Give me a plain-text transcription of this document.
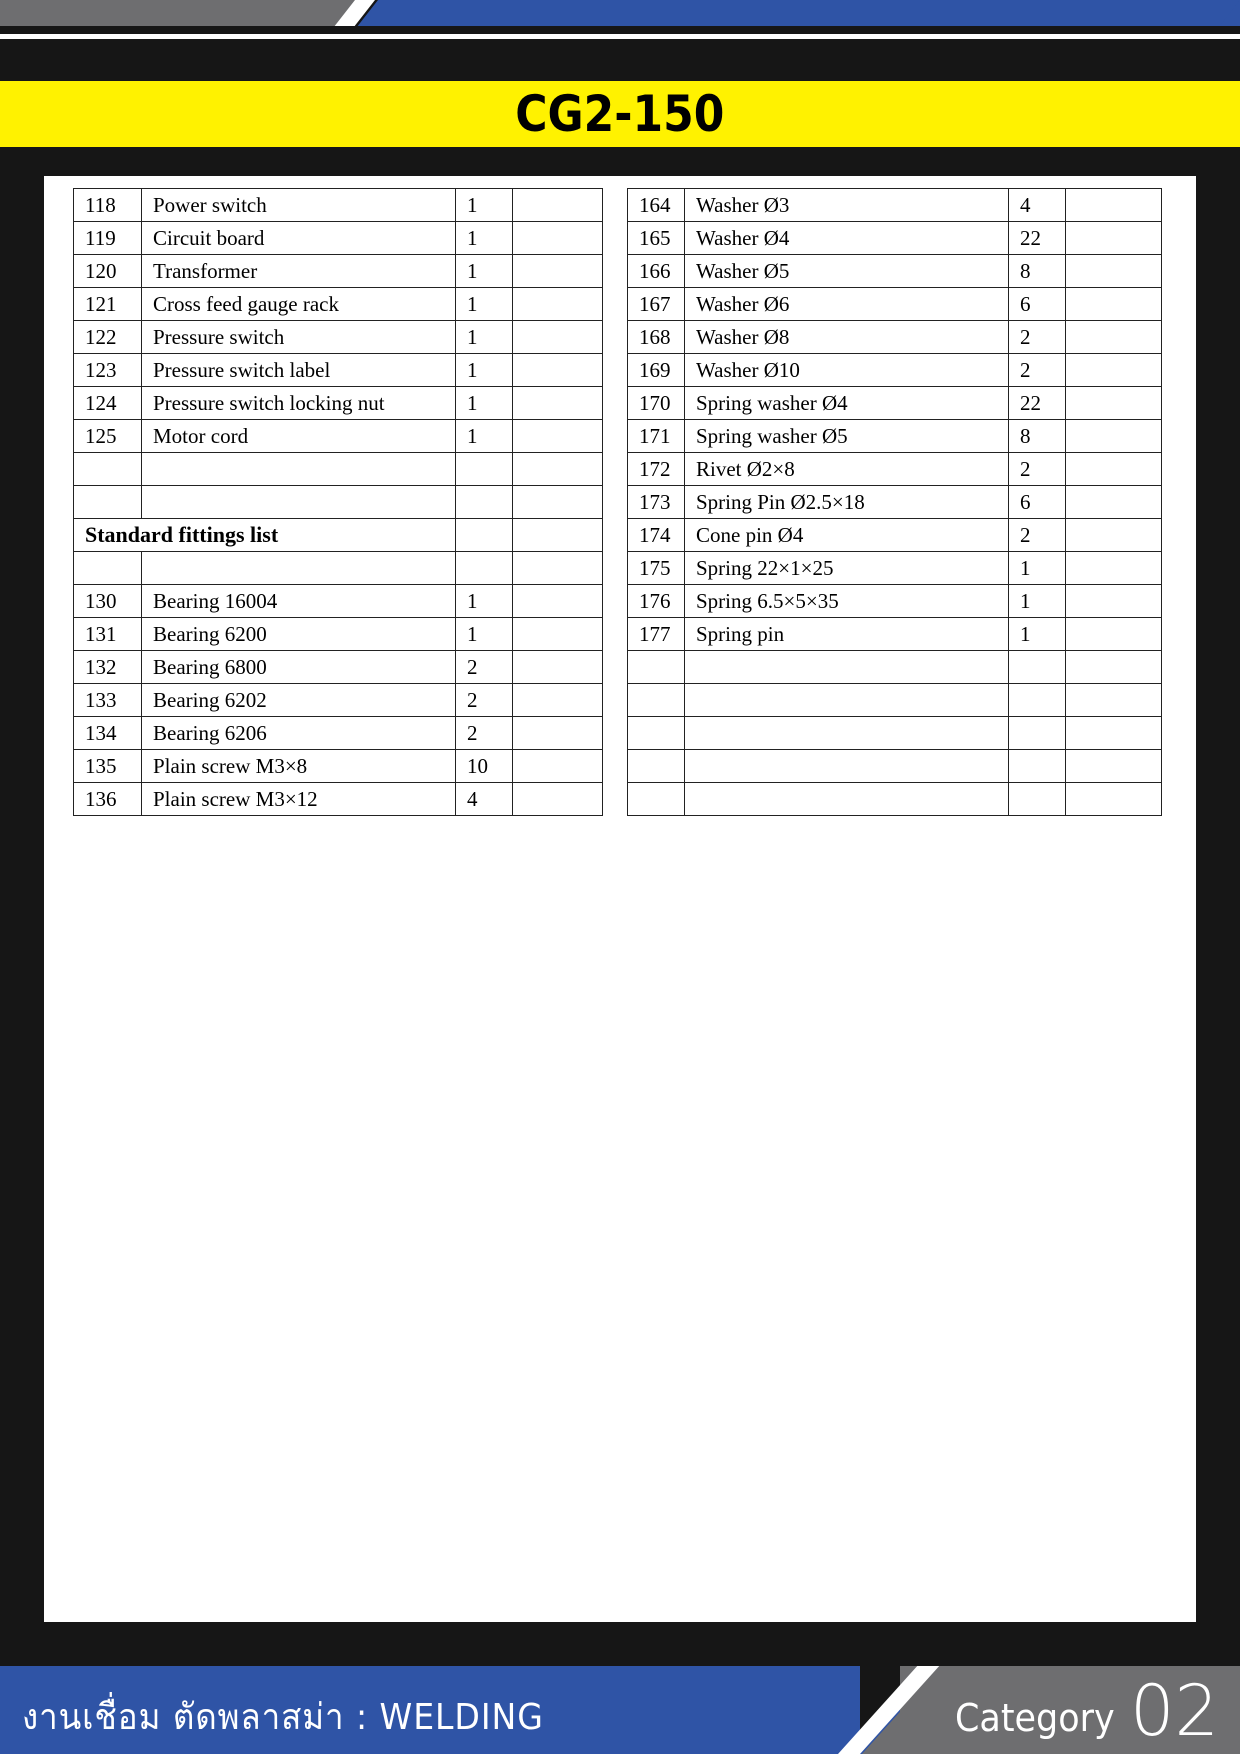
CG2-150
118	Power switch	1	
119	Circuit board	1	
120	Transformer	1	
121	Cross feed gauge rack	1	
122	Pressure switch	1	
123	Pressure switch label	1	
124	Pressure switch locking nut	1	
125	Motor cord	1	

Standard fittings list			

130	Bearing 16004	1	
131	Bearing 6200	1	
132	Bearing 6800	2	
133	Bearing 6202	2	
134	Bearing 6206	2	
135	Plain screw M3×8	10	
136	Plain screw M3×12	4	
164	Washer Ø3	4	
165	Washer Ø4	22	
166	Washer Ø5	8	
167	Washer Ø6	6	
168	Washer Ø8	2	
169	Washer Ø10	2	
170	Spring washer Ø4	22	
171	Spring washer Ø5	8	
172	Rivet Ø2×8	2	
173	Spring Pin Ø2.5×18	6	
174	Cone pin Ø4	2	
175	Spring 22×1×25	1	
176	Spring 6.5×5×35	1	
177	Spring pin	1	

งานเชื่อม ตัดพลาสม่า : WELDING	Category 02
